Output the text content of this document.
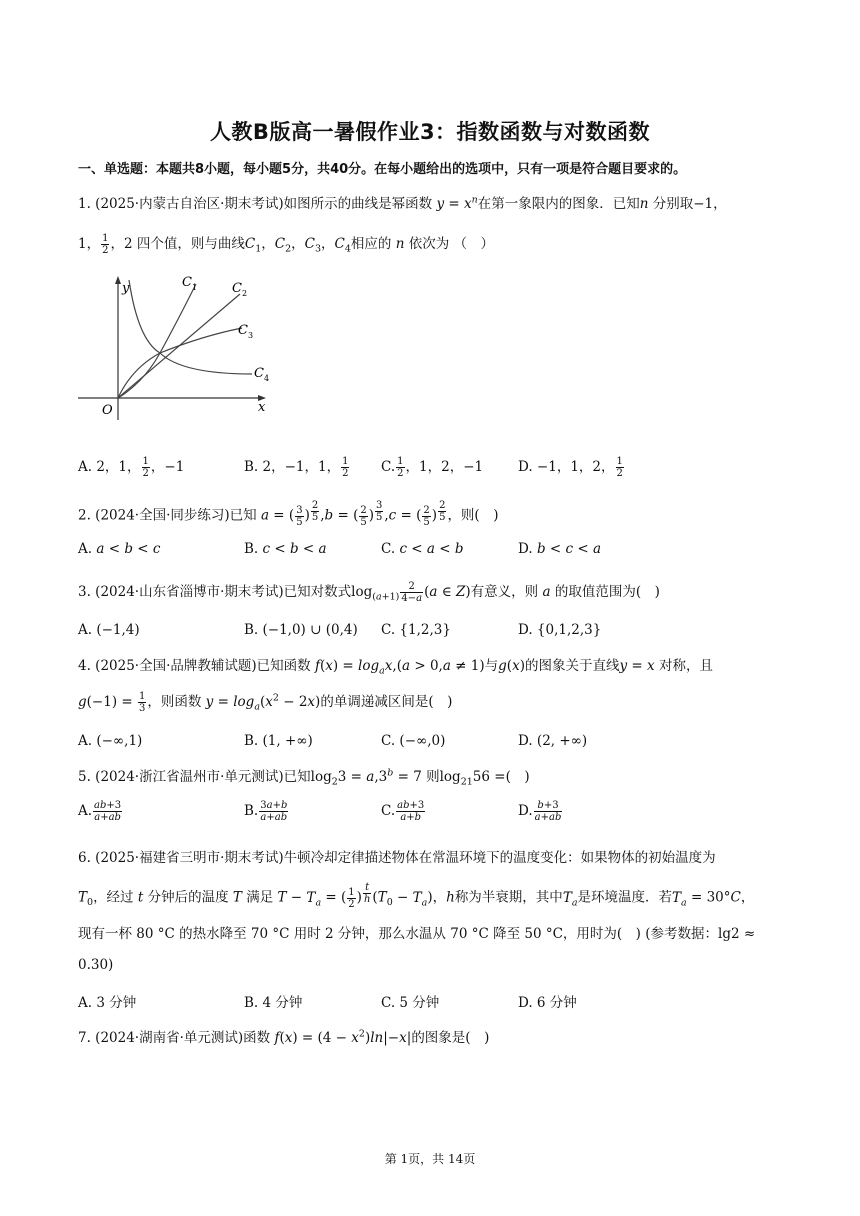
人教B版高一暑假作业3：指数函数与对数函数
一、单选题：本题共8小题，每小题5分，共40分。在每小题给出的选项中，只有一项是符合题目要求的。
1. (2025·内蒙古自治区·期末考试)如图所示的曲线是幂函数 $y = x^n$在第一象限内的图象．已知n 分别取−1，
1， $\frac{1}{2}$ ，2 四个值，则与曲线$C_1$，$C_2$，$C_3$，$C_4$相应的 n 依次为 （　）
y
x
O
C 1	C 2
C 3
C 4
A. 2，1， $\frac{1}{2}$ ，−1	B. 2，−1，1， $\frac{1}{2} C$. $\frac{1}{2}$ ，1，2，−1	D. −1，1，2， $\frac{1}{2}$
2. (2024·全国·同步练习)已知 a = ( $\frac{3}{5}$ ) $^{\frac{2}{5}}$ ,b = ( $\frac{2}{5}$ ) $^{\frac{3}{5}}$ ,c = ( $\frac{2}{5}$ ) $^{\frac{2}{5}}$ ，则(　)
A. a < b < c	B. c < b < a	C. c < a < b	D. b < c < a
3. (2024·山东省淄博市·期末考试)已知对数式$\log_{(a+1)} \frac{2}{4-a} (a$ ∈ Z)有意义，则 a 的取值范围为(　)
A. (−1,4)	B. (−1,0) ∪ (0,4) C. {1,2,3}	D. {0,1,2,3}
4. (2025·全国·品牌教辅试题)已知函数 $f(x) = \log_ax,(a > 0,a \ne 1)$与g(x)的图象关于直线y = x 对称，且
$g(-1) = \frac{1}{3}$ ，则函数 $y = \log_a(x^2 - 2x)$的单调递减区间是(　)
A. (−∞,1)	B. (1, +∞)	C. (−∞,0)	D. (2, +∞)
5. (2024·浙江省温州市·单元测试)已知$\log_23 = a,3^b = 7$ 则$\log_{21}56$ =(　)
A. $\frac{ab+3}{a+ab}$	B. $\frac{3a+b}{a+ab}$	C. $\frac{ab+3}{a+b}$	D. $\frac{b+3}{a+ab}$
6. (2025·福建省三明市·期末考试)牛顿冷却定律描述物体在常温环境下的温度变化：如果物体的初始温度为
$T_0$，经过 t 分钟后的温度 T 满足 $T - T_a$ = ( $\frac{1}{2}$ ) $^{\frac{t}{h}}$ $(T_0 - T_a)$，h称为半衰期，其中$T_a$是环境温度．若$T_a = 30^\circ C$，
现有一杯 80 °C 的热水降至 70 °C 用时 2 分钟，那么水温从 70 °C 降至 50 °C，用时为(　) (参考数据：lg2 ≈
0.30)
A. 3 分钟	B. 4 分钟	C. 5 分钟	D. 6 分钟
7. (2024·湖南省·单元测试)函数 $f(x) = (4 - x^2)\ln|-x|$的图象是(　)
第 1页，共 14页
